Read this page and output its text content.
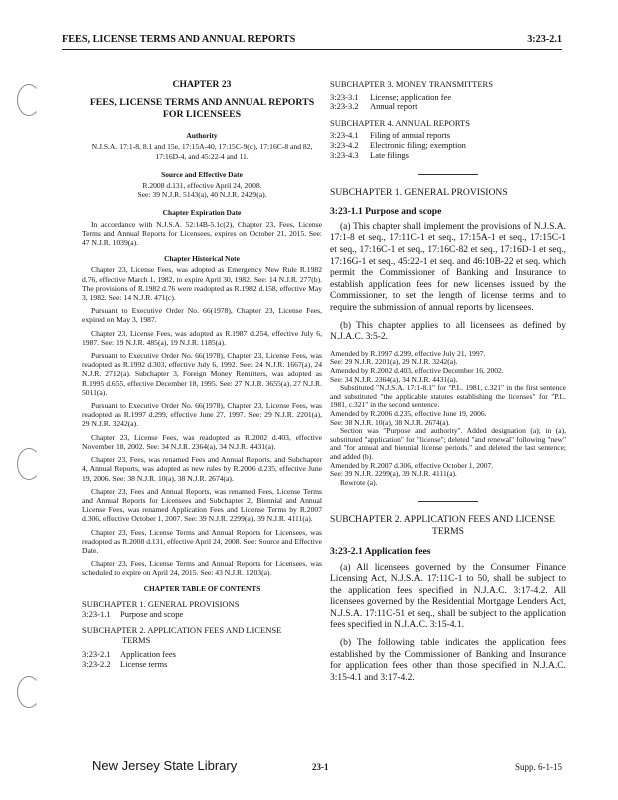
FEES, LICENSE TERMS AND ANNUAL REPORTS	3:23-2.1
CHAPTER 23
FEES, LICENSE TERMS AND ANNUAL REPORTS
FOR LICENSEES
Authority
N.J.S.A. 17:1-8, 8.1 and 15e, 17:15A-40, 17:15C-9(c), 17:16C-8 and 82, 17:16D-4, and 45:22-4 and 11.
Source and Effective Date
R.2008 d.131, effective April 24, 2008.
See: 39 N.J.R. 5143(a), 40 N.J.R. 2429(a).
Chapter Expiration Date

In accordance with N.J.S.A. 52:14B-5.1c(2), Chapter 23, Fees, License Terms and Annual Reports for Licensees, expires on October 21, 2015. See: 47 N.J.R. 1039(a).

Chapter Historical Note

Chapter 23, License Fees, was adopted as Emergency New Rule R.1982 d.76, effective March 1, 1982, to expire April 30, 1982. See: 14 N.J.R. 277(b). The provisions of R.1982 d.76 were readopted as R.1982 d.158, effective May 3, 1982. See: 14 N.J.R. 471(c).

Pursuant to Executive Order No. 66(1978), Chapter 23, License Fees, expired on May 3, 1987.

Chapter 23, License Fees, was adopted as R.1987 d.254, effective July 6, 1987. See: 19 N.J.R. 485(a), 19 N.J.R. 1185(a).

Pursuant to Executive Order No. 66(1978), Chapter 23, License Fees, was readopted as R.1992 d.303, effective July 6, 1992. See: 24 N.J.R. 1667(a), 24 N.J.R. 2712(a). Subchapter 3, Foreign Money Remitters, was adopted as R.1995 d.655, effective December 18, 1995. See: 27 N.J.R. 3655(a), 27 N.J.R. 5011(a).

Pursuant to Executive Order No. 66(1978), Chapter 23, License Fees, was readopted as R.1997 d.299, effective June 27, 1997. See: 29 N.J.R. 2201(a), 29 N.J.R. 3242(a).

Chapter 23, License Fees, was readopted as R.2002 d.403, effective November 18, 2002. See: 34 N.J.R. 2364(a), 34 N.J.R. 4431(a).

Chapter 23, Fees, was renamed Fees and Annual Reports, and Subchapter 4, Annual Reports, was adopted as new rules by R.2006 d.235, effective June 19, 2006. See: 38 N.J.R. 10(a), 38 N.J.R. 2674(a).

Chapter 23, Fees and Annual Reports, was renamed Fees, License Terms and Annual Reports for Licensees and Subchapter 2, Biennial and Annual License Fees, was renamed Application Fees and License Terms by R.2007 d.306, effective October 1, 2007. See: 39 N.J.R. 2299(a), 39 N.J.R. 4111(a).

Chapter 23, Fees, License Terms and Annual Reports for Licensees, was readopted as R.2008 d.131, effective April 24, 2008. See: Source and Effective Date.

Chapter 23, Fees, License Terms and Annual Reports for Licensees, was scheduled to expire on April 24, 2015. See: 43 N.J.R. 1203(a).

CHAPTER TABLE OF CONTENTS
SUBCHAPTER 1. GENERAL PROVISIONS
3:23-1.1	Purpose and scope
SUBCHAPTER 2. APPLICATION FEES AND LICENSE
TERMS
3:23-2.1	Application fees
3:23-2.2	License terms
SUBCHAPTER 3. MONEY TRANSMITTERS
3:23-3.1	License; application fee
3:23-3.2	Annual report
SUBCHAPTER 4. ANNUAL REPORTS
3:23-4.1	Filing of annual reports
3:23-4.2	Electronic filing; exemption
3:23-4.3	Late filings
SUBCHAPTER 1. GENERAL PROVISIONS
3:23-1.1 Purpose and scope

(a) This chapter shall implement the provisions of N.J.S.A. 17:1-8 et seq., 17:11C-1 et seq., 17:15A-1 et seq., 17:15C-1 et seq., 17:16C-1 et seq., 17:16C-82 et seq., 17:16D-1 et seq., 17:16G-1 et seq., 45:22-1 et seq. and 46:10B-22 et seq. which permit the Commissioner of Banking and Insurance to establish application fees for new licenses issued by the Commissioner, to set the length of license terms and to require the submission of annual reports by licensees.

(b) This chapter applies to all licensees as defined by N.J.A.C. 3:5-2.

Amended by R.1997 d.299, effective July 21, 1997.
See: 29 N.J.R. 2201(a), 29 N.J.R. 3242(a).
Amended by R.2002 d.403, effective December 16, 2002.
See: 34 N.J.R. 2364(a), 34 N.J.R. 4431(a).
Substituted "N.J.S.A. 17:1-8.1" for "P.L. 1981, c.321" in the first sentence and substituted "the applicable statutes establishing the licenses" for "P.L. 1981, c.321" in the second sentence.
Amended by R.2006 d.235, effective June 19, 2006.
See: 38 N.J.R. 10(a), 38 N.J.R. 2674(a).
Section was "Purpose and authority". Added designation (a); in (a), substituted "application" for "license"; deleted "and renewal" following "new" and "for annual and biennial license periods." and deleted the last sentence; and added (b).
Amended by R.2007 d.306, effective October 1, 2007.
See: 39 N.J.R. 2299(a), 39 N.J.R. 4111(a).
Rewrote (a).
SUBCHAPTER 2. APPLICATION FEES AND LICENSE
TERMS
3:23-2.1 Application fees

(a) All licensees governed by the Consumer Finance Licensing Act, N.J.S.A. 17:11C-1 to 50, shall be subject to the application fees specified in N.J.A.C. 3:17-4.2. All licensees governed by the Residential Mortgage Lenders Act, N.J.S.A. 17:11C-51 et seq., shall be subject to the application fees specified in N.J.A.C. 3:15-4.1.

(b) The following table indicates the application fees established by the Commissioner of Banking and Insurance for application fees other than those specified in N.J.A.C. 3:15-4.1 and 3:17-4.2.

New Jersey State Library	23-1	Supp. 6-1-15
